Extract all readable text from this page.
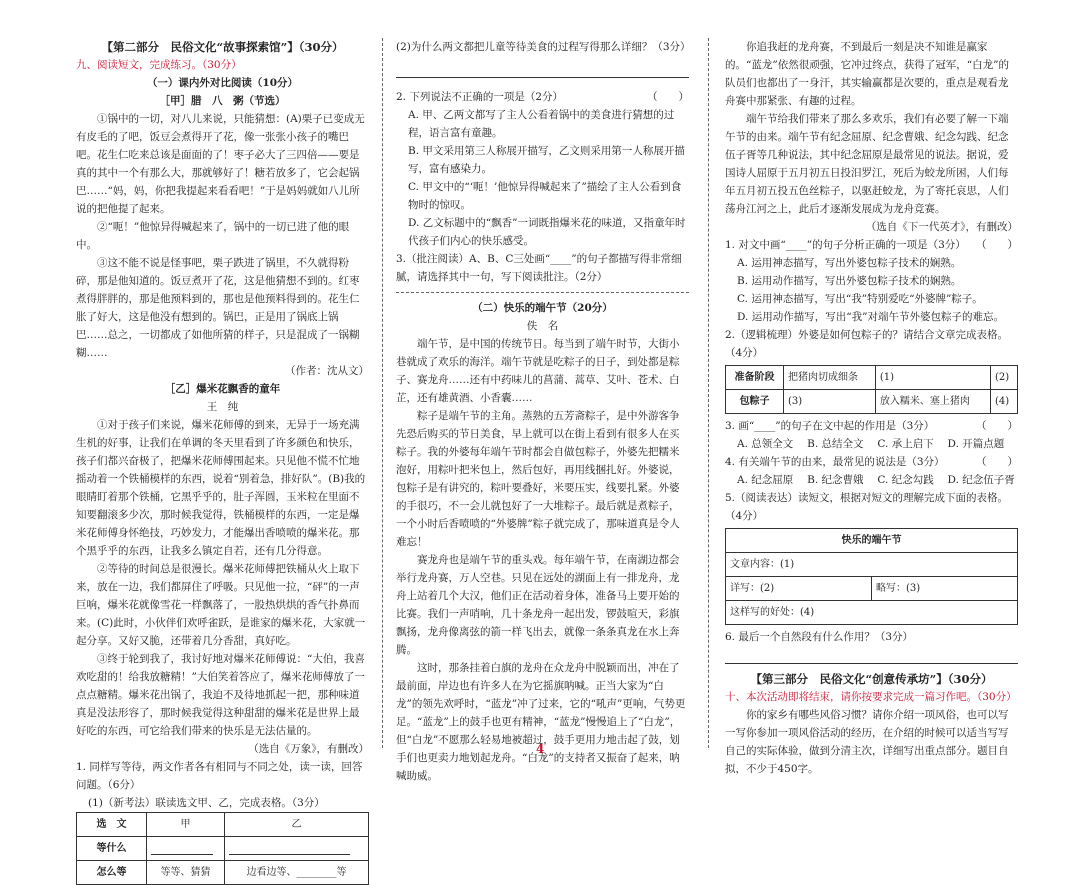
【第二部分　民俗文化“故事探索馆”】（30分）

九、阅读短文，完成练习。（30分）

（一）课内外对比阅读（10分）

［甲］腊　八　粥（节选）

①锅中的一切，对八儿来说，只能猜想：(A)栗子已变成无有皮毛的了吧，饭豆会煮得开了花，像一张张小孩子的嘴巴吧。花生仁吃来总该是面面的了！枣子必大了三四倍——要是真的其中一个有那么大，那就够好了！糖若放多了，它会起锅巴……“妈，妈，你把我提起来看看吧！”于是妈妈就如八儿所说的把他提了起来。

②“呃！”他惊异得喊起来了，锅中的一切已进了他的眼中。

③这不能不说是怪事吧，栗子跌进了锅里，不久就得粉碎，那是他知道的。饭豆煮开了花，这是他猜想不到的。红枣煮得胖胖的，那是他预料到的，那也是他预料得到的。花生仁胀了好大，这是他没有想到的。锅巴，正是用了锅底上锅巴……总之，一切都成了如他所猜的样子，只是混成了一锅糊糊……

（作者：沈从文）

［乙］爆米花飘香的童年

王　纯

①对于孩子们来说，爆米花师傅的到来，无异于一场充满生机的好事，让我们在单调的冬天里看到了许多颜色和快乐，孩子们都兴奋极了，把爆米花师傅围起来。只见他不慌不忙地摇动着一个铁桶模样的东西，说着“别着急，排好队”。(B)我的眼睛盯着那个铁桶，它黑乎乎的，肚子浑圆，玉米粒在里面不知要翻滚多少次，那时候我觉得，铁桶模样的东西，一定是爆米花师傅身怀绝技，巧妙发力，才能爆出香喷喷的爆米花。那个黑乎乎的东西，让我多么镇定自若，还有几分得意。

②等待的时间总是很漫长。爆米花师傅把铁桶从火上取下来，放在一边，我们都屏住了呼吸。只见他一拉，“砰”的一声巨响，爆米花就像雪花一样飘落了，一股热烘烘的香气扑鼻而来。(C)此时，小伙伴们欢呼雀跃，是谁家的爆米花，大家就一起分享。又好又脆，还带着几分香甜，真好吃。

③终于轮到我了，我讨好地对爆米花师傅说：“大伯，我喜欢吃甜的！给我放糖精！”大伯笑着答应了，爆米花师傅放了一点点糖精。爆米花出锅了，我迫不及待地抓起一把，那种味道真是没法形容了，那时候我觉得这种甜甜的爆米花是世界上最好吃的东西，可它给我们带来的快乐是无法估量的。

（选自《万象》，有删改）

1. 同样写等待，两文作者各有相同与不同之处，读一读，回答问题。（6分）

(1)（新考法）联读选文甲、乙，完成表格。（3分）

选　文	甲	乙
等什么		
怎么等	等等、猜猜	边看边等、________等

(2)为什么两文都把儿童等待美食的过程写得那么详细？（3分）

2. 下列说法不正确的一项是（2分）	（　　）

A. 甲、乙两文都写了主人公看着锅中的美食进行猜想的过程，语言富有童趣。

B. 甲文采用第三人称展开描写，乙文则采用第一人称展开描写，富有感染力。

C. 甲文中的“‘呃！’他惊异得喊起来了”描绘了主人公看到食物时的惊叹。

D. 乙文标题中的“飘香”一词既指爆米花的味道，又指童年时代孩子们内心的快乐感受。

3.（批注阅读）A、B、C三处画“____”的句子都描写得非常细腻，请选择其中一句，写下阅读批注。（2分）

（二）快乐的端午节（20分）

佚　名

端午节，是中国的传统节日。每当到了端午时节，大街小巷就成了欢乐的海洋。端午节就是吃粽子的日子，到处都是粽子、赛龙舟……还有中药味儿的菖蒲、蒿草、艾叶、苍术、白芷，还有雄黄酒、小香囊……

粽子是端午节的主角。蒸熟的五芳斋粽子，是中外游客争先恐后购买的节日美食，早上就可以在街上看到有很多人在买粽子。我的外婆每年端午节时都会自做包粽子，外婆先把糯米泡好，用粽叶把米包上，然后包好，再用线捆扎好。外婆说，包粽子是有讲究的，粽叶要叠好，米要压实，线要扎紧。外婆的手很巧，不一会儿就包好了一大堆粽子。最后就是煮粽子，一个小时后香喷喷的“外婆牌”粽子就完成了，那味道真是令人难忘！

赛龙舟也是端午节的重头戏。每年端午节，在南湖边都会举行龙舟赛，万人空巷。只见在远处的湖面上有一排龙舟，龙舟上站着几个大汉，他们正在活动着身体，准备马上要开始的比赛。我们一声哨响，几十条龙舟一起出发，锣鼓喧天，彩旗飘扬，龙舟像离弦的箭一样飞出去，就像一条条真龙在水上奔腾。

这时，那条挂着白旗的龙舟在众龙舟中脱颖而出，冲在了最前面，岸边也有许多人在为它摇旗呐喊。正当大家为“白龙”的领先欢呼时，“蓝龙”冲了过来，它的“吼声”更响，气势更足。“蓝龙”上的鼓手也更有精神，“蓝龙”慢慢追上了“白龙”，但“白龙”不愿那么轻易地被超过，鼓手更用力地击起了鼓，划手们也更卖力地划起龙舟。“白龙”的支持者又振奋了起来，呐喊助威。

你追我赶的龙舟赛，不到最后一刻是决不知谁是赢家的。“蓝龙”依然很顽强，它冲过终点，获得了冠军，“白龙”的队员们也都出了一身汗，其实输赢都是次要的，重点是观看龙舟赛中那紧张、有趣的过程。

端午节给我们带来了那么多欢乐，我们有必要了解一下端午节的由来。端午节有纪念屈原、纪念曹娥、纪念勾践、纪念伍子胥等几种说法，其中纪念屈原是最常见的说法。据说，爱国诗人屈原于五月初五日投汨罗江，死后为蛟龙所困，人们每年五月初五投五色丝粽子，以驱赶蛟龙，为了寄托哀思，人们荡舟江河之上，此后才逐渐发展成为龙舟竞赛。

（选自《下一代英才》，有删改）

1. 对文中画“____”的句子分析正确的一项是（3分） （　　）

A. 运用神态描写，写出外婆包粽子技术的娴熟。

B. 运用动作描写，写出外婆包粽子技术的娴熟。

C. 运用神态描写，写出“我”特别爱吃“外婆牌”粽子。

D. 运用动作描写，写出“我”对端午节外婆包粽子的难忘。

2.（逻辑梳理）外婆是如何包粽子的？请结合文章完成表格。（4分）

准备阶段	把猪肉切成细条	(1)	(2)
包粽子	(3)	放入糯米、塞上猪肉	(4)

3. 画“____”的句子在文中起的作用是（3分）	（　　）

A. 总领全文　 B. 总结全文　 C. 承上启下　 D. 开篇点题

4. 有关端午节的由来，最常见的说法是（3分）	（　　）

A. 纪念屈原　 B. 纪念曹娥　 C. 纪念勾践　 D. 纪念伍子胥

5.（阅读表达）读短文，根据对短文的理解完成下面的表格。（4分）

快乐的端午节
文章内容：(1)
详写：(2)	略写：(3)
这样写的好处：(4)

6. 最后一个自然段有什么作用？（3分）

【第三部分　民俗文化“创意传承坊”】（30分）

十、本次活动即将结束，请你按要求完成一篇习作吧。（30分）

你的家乡有哪些风俗习惯？请你介绍一项风俗，也可以写一写你参加一项风俗活动的经历，在介绍的时候可以适当写写自己的实际体验，做到分清主次，详细写出重点部分。题目自拟，不少于450字。

4
